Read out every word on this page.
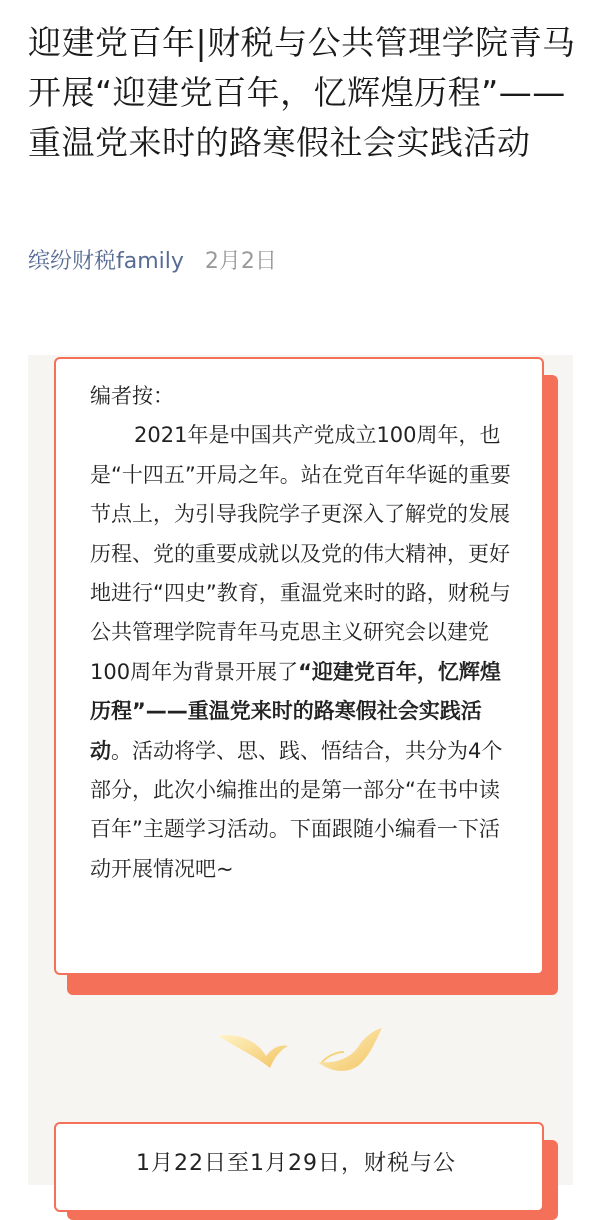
迎建党百年|财税与公共管理学院青马开展“迎建党百年，忆辉煌历程”——重温党来时的路寒假社会实践活动
缤纷财税family 2月2日

编者按：

2021年是中国共产党成立100周年，也是“十四五”开局之年。站在党百年华诞的重要节点上，为引导我院学子更深入了解党的发展历程、党的重要成就以及党的伟大精神，更好地进行“四史”教育，重温党来时的路，财税与公共管理学院青年马克思主义研究会以建党100周年为背景开展了“迎建党百年，忆辉煌历程”——重温党来时的路寒假社会实践活动。活动将学、思、践、悟结合，共分为4个部分，此次小编推出的是第一部分“在书中读百年”主题学习活动。下面跟随小编看一下活动开展情况吧~

1月22日至1月29日，财税与公
